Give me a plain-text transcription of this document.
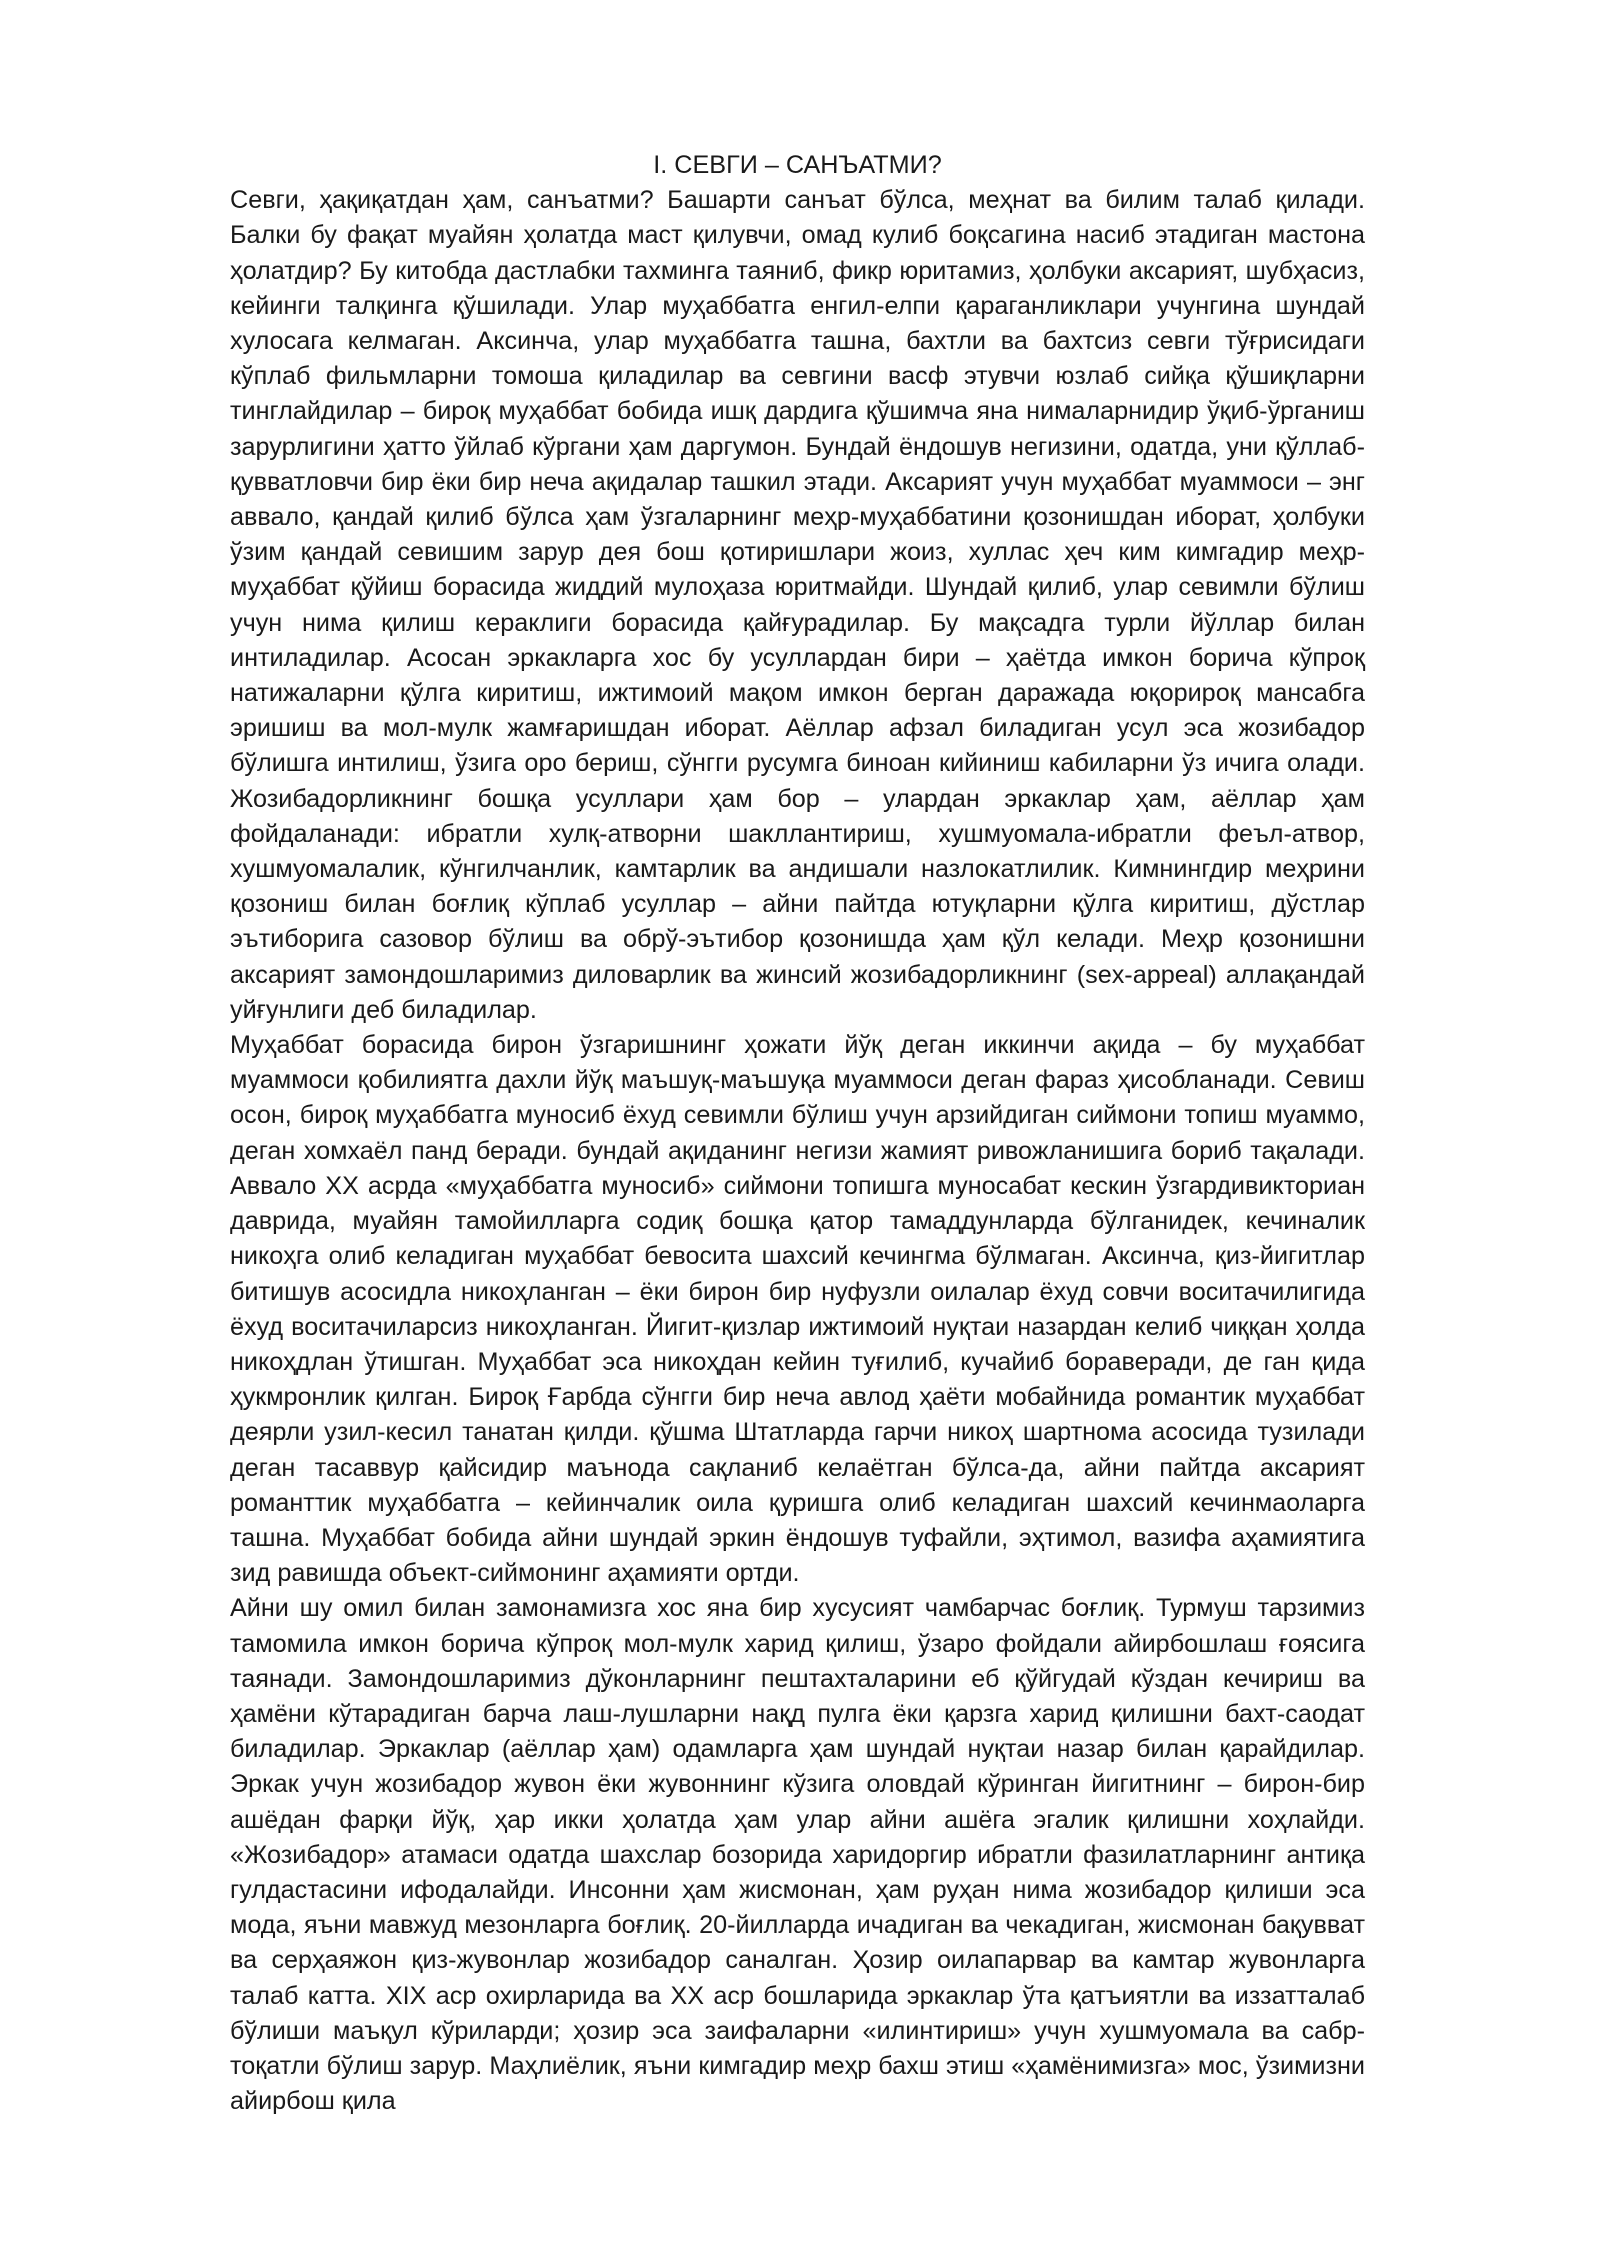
I. СЕВГИ – САНЪАТМИ?

Севги, ҳақиқатдан ҳам, санъатми? Башарти санъат бўлса, меҳнат ва билим талаб қилади. Балки бу фақат муайян ҳолатда маст қилувчи, омад кулиб боқсагина насиб этадиган мастона ҳолатдир? Бу китобда дастлабки тахминга таяниб, фикр юритамиз, ҳолбуки аксарият, шубҳасиз, кейинги талқинга қўшилади. Улар муҳаббатга енгил-елпи қараганликлари учунгина шундай хулосага келмаган. Аксинча, улар муҳаббатга ташна, бахтли ва бахтсиз севги тўғрисидаги кўплаб фильмларни томоша қиладилар ва севгини васф этувчи юзлаб сийқа қўшиқларни тинглайдилар – бироқ муҳаббат бобида ишқ дардига қўшимча яна нималарнидир ўқиб-ўрганиш зарурлигини ҳатто ўйлаб кўргани ҳам даргумон. Бундай ёндошув негизини, одатда, уни қўллаб-қувватловчи бир ёки бир неча ақидалар ташкил этади. Аксарият учун муҳаббат муаммоси – энг аввало, қандай қилиб бўлса ҳам ўзгаларнинг меҳр-муҳаббатини қозонишдан иборат, ҳолбуки ўзим қандай севишим зарур дея бош қотиришлари жоиз, хуллас ҳеч ким кимгадир меҳр-муҳаббат қўйиш борасида жиддий мулоҳаза юритмайди. Шундай қилиб, улар севимли бўлиш учун нима қилиш кераклиги борасида қайғурадилар. Бу мақсадга турли йўллар билан интиладилар. Асосан эркакларга хос бу усуллардан бири – ҳаётда имкон борича кўпроқ натижаларни қўлга киритиш, ижтимоий мақом имкон берган даражада юқорироқ мансабга эришиш ва мол-мулк жамғаришдан иборат. Аёллар афзал биладиган усул эса жозибадор бўлишга интилиш, ўзига оро бериш, сўнгги русумга биноан кийиниш кабиларни ўз ичига олади. Жозибадорликнинг бошқа усуллари ҳам бор – улардан эркаклар ҳам, аёллар ҳам фойдаланади: ибратли хулқ-атворни шакллантириш, хушмуомала-ибратли феъл-атвор, хушмуомалалик, кўнгилчанлик, камтарлик ва андишали назлокатлилик. Кимнингдир меҳрини қозониш билан боғлиқ кўплаб усуллар – айни пайтда ютуқларни қўлга киритиш, дўстлар эътиборига сазовор бўлиш ва обрў-эътибор қозонишда ҳам қўл келади. Меҳр қозонишни аксарият замондошларимиз диловарлик ва жинсий жозибадорликнинг (sex-appeal) аллақандай уйғунлиги деб биладилар.

Муҳаббат борасида бирон ўзгаришнинг ҳожати йўқ деган иккинчи ақида – бу муҳаббат муаммоси қобилиятга дахли йўқ маъшуқ-маъшуқа муаммоси деган фараз ҳисобланади. Севиш осон, бироқ муҳаббатга муносиб ёхуд севимли бўлиш учун арзийдиган сиймони топиш муаммо, деган хомхаёл панд беради. бундай ақиданинг негизи жамият ривожланишига бориб тақалади. Аввало XX асрда «муҳаббатга муносиб» сиймони топишга муносабат кескин ўзгардивикториан даврида, муайян тамойилларга содиқ бошқа қатор тамаддунларда бўлганидек, кечиналик никоҳга олиб келадиган муҳаббат бевосита шахсий кечингма бўлмаган. Аксинча, қиз-йигитлар битишув асосидла никоҳланган – ёки бирон бир нуфузли оилалар ёхуд совчи воситачилигида ёхуд воситачиларсиз никоҳланган. Йигит-қизлар ижтимоий нуқтаи назардан келиб чиққан ҳолда никоҳдлан ўтишган. Муҳаббат эса никоҳдан кейин туғилиб, кучайиб бораверади, де ган қида ҳукмронлик қилган. Бироқ Ғарбда сўнгги бир неча авлод ҳаёти мобайнида романтик муҳаббат деярли узил-кесил танатан қилди. қўшма Штатларда гарчи никоҳ шартнома асосида тузилади деган тасаввур қайсидир маънода сақланиб келаётган бўлса-да, айни пайтда аксарият романттик муҳаббатга – кейинчалик оила қуришга олиб келадиган шахсий кечинмаоларга ташна. Муҳаббат бобида айни шундай эркин ёндошув туфайли, эҳтимол, вазифа аҳамиятига зид равишда объект-сиймонинг аҳамияти ортди.

Айни шу омил билан замонамизга хос яна бир хусусият чамбарчас боғлиқ. Турмуш тарзимиз тамомила имкон борича кўпроқ мол-мулк харид қилиш, ўзаро фойдали айирбошлаш ғоясига таянади. Замондошларимиз дўконларнинг пештахталарини еб қўйгудай кўздан кечириш ва ҳамёни кўтарадиган барча лаш-лушларни нақд пулга ёки қарзга харид қилишни бахт-саодат биладилар. Эркаклар (аёллар ҳам) одамларга ҳам шундай нуқтаи назар билан қарайдилар. Эркак учун жозибадор жувон ёки жувоннинг кўзига оловдай кўринган йигитнинг – бирон-бир ашёдан фарқи йўқ, ҳар икки ҳолатда ҳам улар айни ашёга эгалик қилишни хоҳлайди. «Жозибадор» атамаси одатда шахслар бозорида харидоргир ибратли фазилатларнинг антиқа гулдастасини ифодалайди. Инсонни ҳам жисмонан, ҳам руҳан нима жозибадор қилиши эса мода, яъни мавжуд мезонларга боғлиқ. 20-йилларда ичадиган ва чекадиган, жисмонан бақувват ва серҳаяжон қиз-жувонлар жозибадор саналган. Ҳозир оилапарвар ва камтар жувонларга талаб катта. XIX аср охирларида ва XX аср бошларида эркаклар ўта қатъиятли ва иззатталаб бўлиши маъқул кўриларди; ҳозир эса заифаларни «илинтириш» учун хушмуомала ва сабр-тоқатли бўлиш зарур. Маҳлиёлик, яъни кимгадир меҳр бахш этиш «ҳамёнимизга» мос, ўзимизни айирбош қила
